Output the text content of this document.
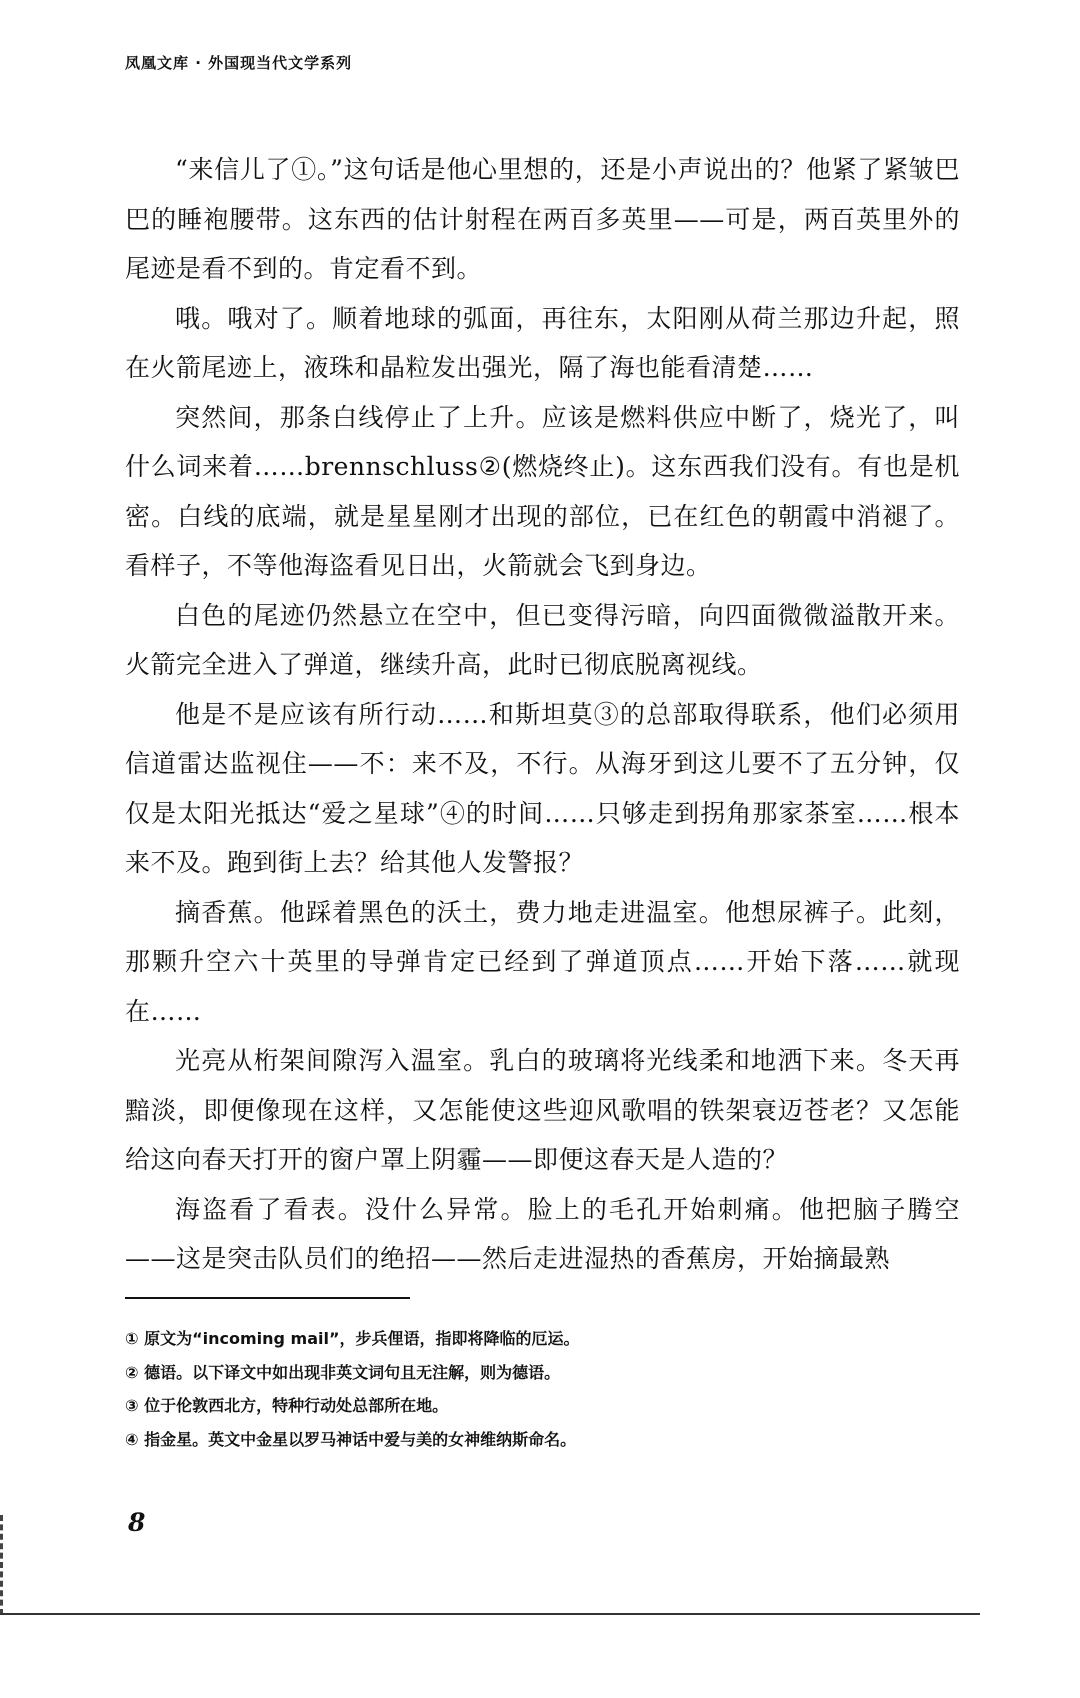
凤凰文库 · 外国现当代文学系列

“来信儿了①。”这句话是他心里想的，还是小声说出的？他紧了紧皱巴巴的睡袍腰带。这东西的估计射程在两百多英里——可是，两百英里外的尾迹是看不到的。肯定看不到。

哦。哦对了。顺着地球的弧面，再往东，太阳刚从荷兰那边升起，照在火箭尾迹上，液珠和晶粒发出强光，隔了海也能看清楚……

突然间，那条白线停止了上升。应该是燃料供应中断了，烧光了，叫什么词来着……brennschluss②(燃烧终止)。这东西我们没有。有也是机密。白线的底端，就是星星刚才出现的部位，已在红色的朝霞中消褪了。看样子，不等他海盗看见日出，火箭就会飞到身边。

白色的尾迹仍然悬立在空中，但已变得污暗，向四面微微溢散开来。火箭完全进入了弹道，继续升高，此时已彻底脱离视线。

他是不是应该有所行动……和斯坦莫③的总部取得联系，他们必须用信道雷达监视住——不：来不及，不行。从海牙到这儿要不了五分钟，仅仅是太阳光抵达“爱之星球”④的时间……只够走到拐角那家茶室……根本来不及。跑到街上去？给其他人发警报？

摘香蕉。他踩着黑色的沃土，费力地走进温室。他想尿裤子。此刻，那颗升空六十英里的导弹肯定已经到了弹道顶点……开始下落……就现在……

光亮从桁架间隙泻入温室。乳白的玻璃将光线柔和地洒下来。冬天再黯淡，即便像现在这样，又怎能使这些迎风歌唱的铁架衰迈苍老？又怎能给这向春天打开的窗户罩上阴霾——即便这春天是人造的？

海盗看了看表。没什么异常。脸上的毛孔开始刺痛。他把脑子腾空——这是突击队员们的绝招——然后走进湿热的香蕉房，开始摘最熟

① 原文为“incoming mail”，步兵俚语，指即将降临的厄运。

② 德语。以下译文中如出现非英文词句且无注解，则为德语。

③ 位于伦敦西北方，特种行动处总部所在地。

④ 指金星。英文中金星以罗马神话中爱与美的女神维纳斯命名。

8
